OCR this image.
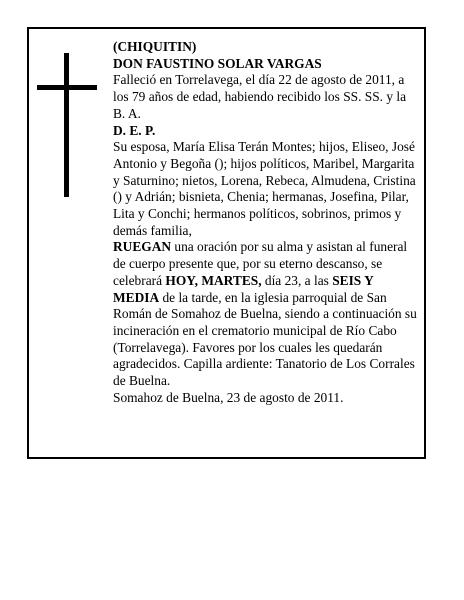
(CHIQUITIN)

DON FAUSTINO SOLAR VARGAS

Falleció en Torrelavega, el día 22 de agosto de 2011, a los 79 años de edad, habiendo recibido los SS. SS. y la B. A.

D. E. P.

Su esposa, María Elisa Terán Montes; hijos, Eliseo, José Antonio y Begoña (); hijos políticos, Maribel, Margarita y Saturnino; nietos, Lorena, Rebeca, Almudena, Cristina () y Adrián; bisnieta, Chenia; hermanas, Josefina, Pilar, Lita y Conchi; hermanos políticos, sobrinos, primos y demás familia,

RUEGAN una oración por su alma y asistan al funeral de cuerpo presente que, por su eterno descanso, se celebrará HOY, MARTES, día 23, a las SEIS Y MEDIA de la tarde, en la iglesia parroquial de San Román de Somahoz de Buelna, siendo a continuación su incineración en el crematorio municipal de Río Cabo (Torrelavega). Favores por los cuales les quedarán agradecidos. Capilla ardiente: Tanatorio de Los Corrales de Buelna.

Somahoz de Buelna, 23 de agosto de 2011.
